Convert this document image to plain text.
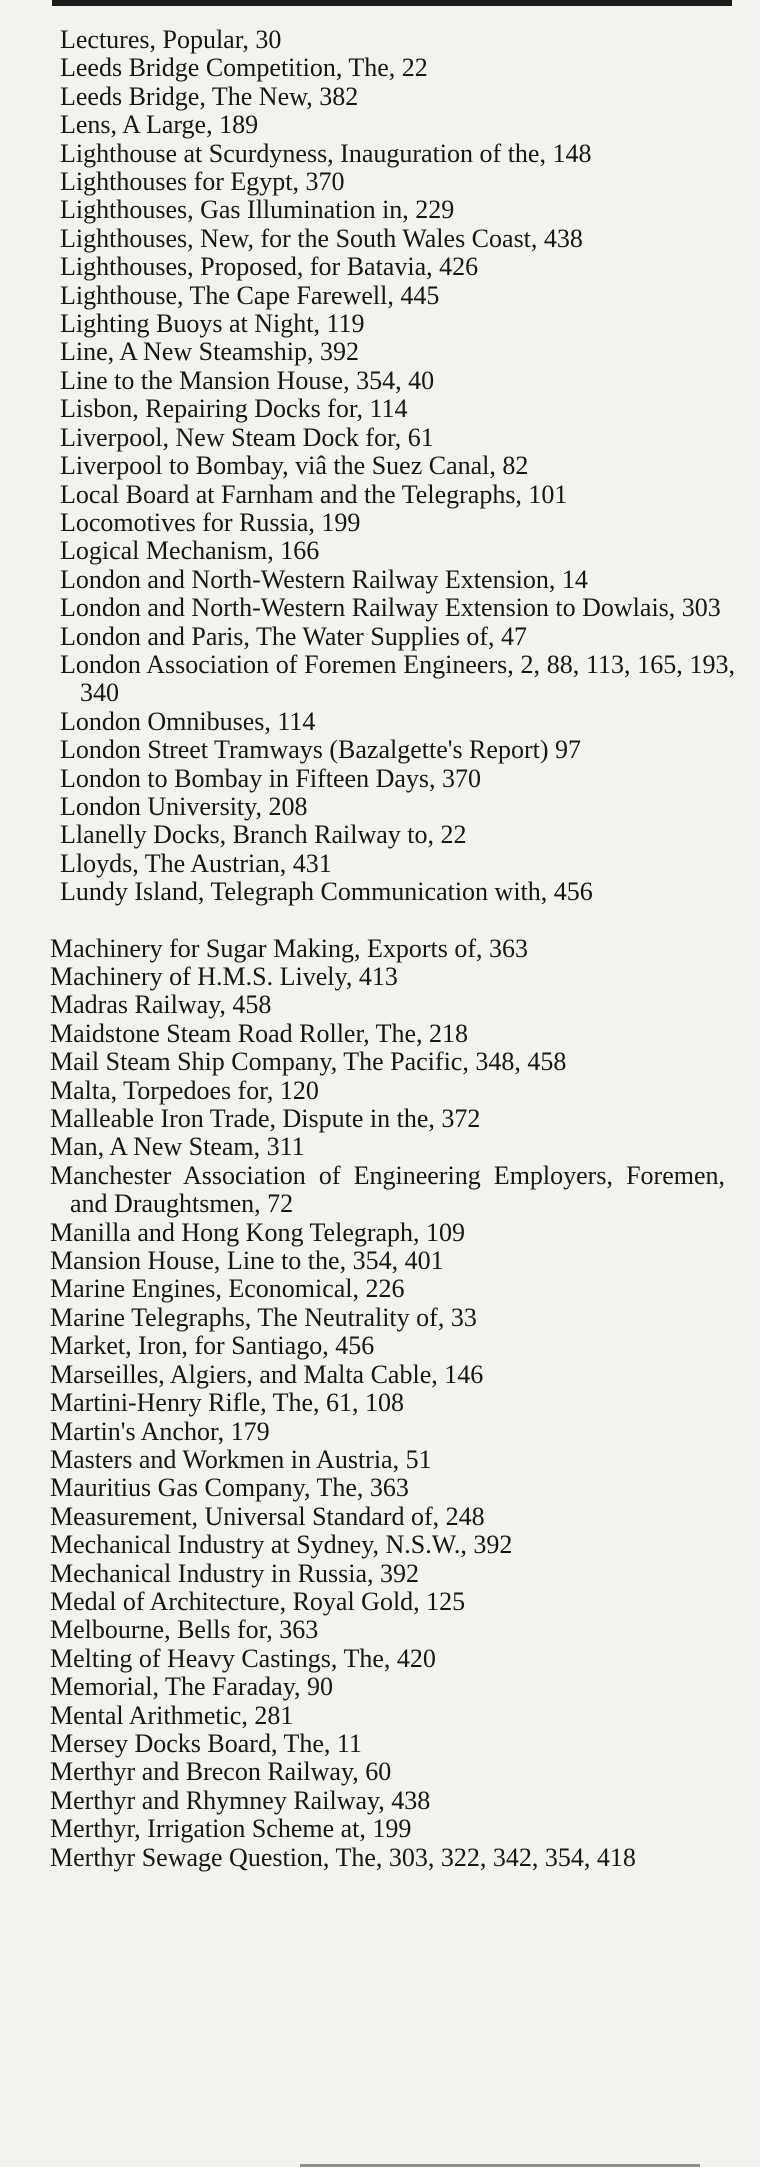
Lectures, Popular, 30

Leeds Bridge Competition, The, 22

Leeds Bridge, The New, 382

Lens, A Large, 189

Lighthouse at Scurdyness, Inauguration of the, 148

Lighthouses for Egypt, 370

Lighthouses, Gas Illumination in, 229

Lighthouses, New, for the South Wales Coast, 438

Lighthouses, Proposed, for Batavia, 426

Lighthouse, The Cape Farewell, 445

Lighting Buoys at Night, 119

Line, A New Steamship, 392

Line to the Mansion House, 354, 40

Lisbon, Repairing Docks for, 114

Liverpool, New Steam Dock for, 61

Liverpool to Bombay, viâ the Suez Canal, 82

Local Board at Farnham and the Telegraphs, 101

Locomotives for Russia, 199

Logical Mechanism, 166

London and North-Western Railway Extension, 14

London and North-Western Railway Extension to Dowlais, 303

London and Paris, The Water Supplies of, 47

London Association of Foremen Engineers, 2, 88, 113, 165, 193, 340

London Omnibuses, 114

London Street Tramways (Bazalgette's Report) 97

London to Bombay in Fifteen Days, 370

London University, 208

Llanelly Docks, Branch Railway to, 22

Lloyds, The Austrian, 431

Lundy Island, Telegraph Communication with, 456

Machinery for Sugar Making, Exports of, 363

Machinery of H.M.S. Lively, 413

Madras Railway, 458

Maidstone Steam Road Roller, The, 218

Mail Steam Ship Company, The Pacific, 348, 458

Malta, Torpedoes for, 120

Malleable Iron Trade, Dispute in the, 372

Man, A New Steam, 311

Manchester Association of Engineering Employers, Foremen, and Draughtsmen, 72

Manilla and Hong Kong Telegraph, 109

Mansion House, Line to the, 354, 401

Marine Engines, Economical, 226

Marine Telegraphs, The Neutrality of, 33

Market, Iron, for Santiago, 456

Marseilles, Algiers, and Malta Cable, 146

Martini-Henry Rifle, The, 61, 108

Martin's Anchor, 179

Masters and Workmen in Austria, 51

Mauritius Gas Company, The, 363

Measurement, Universal Standard of, 248

Mechanical Industry at Sydney, N.S.W., 392

Mechanical Industry in Russia, 392

Medal of Architecture, Royal Gold, 125

Melbourne, Bells for, 363

Melting of Heavy Castings, The, 420

Memorial, The Faraday, 90

Mental Arithmetic, 281

Mersey Docks Board, The, 11

Merthyr and Brecon Railway, 60

Merthyr and Rhymney Railway, 438

Merthyr, Irrigation Scheme at, 199

Merthyr Sewage Question, The, 303, 322, 342, 354, 418
